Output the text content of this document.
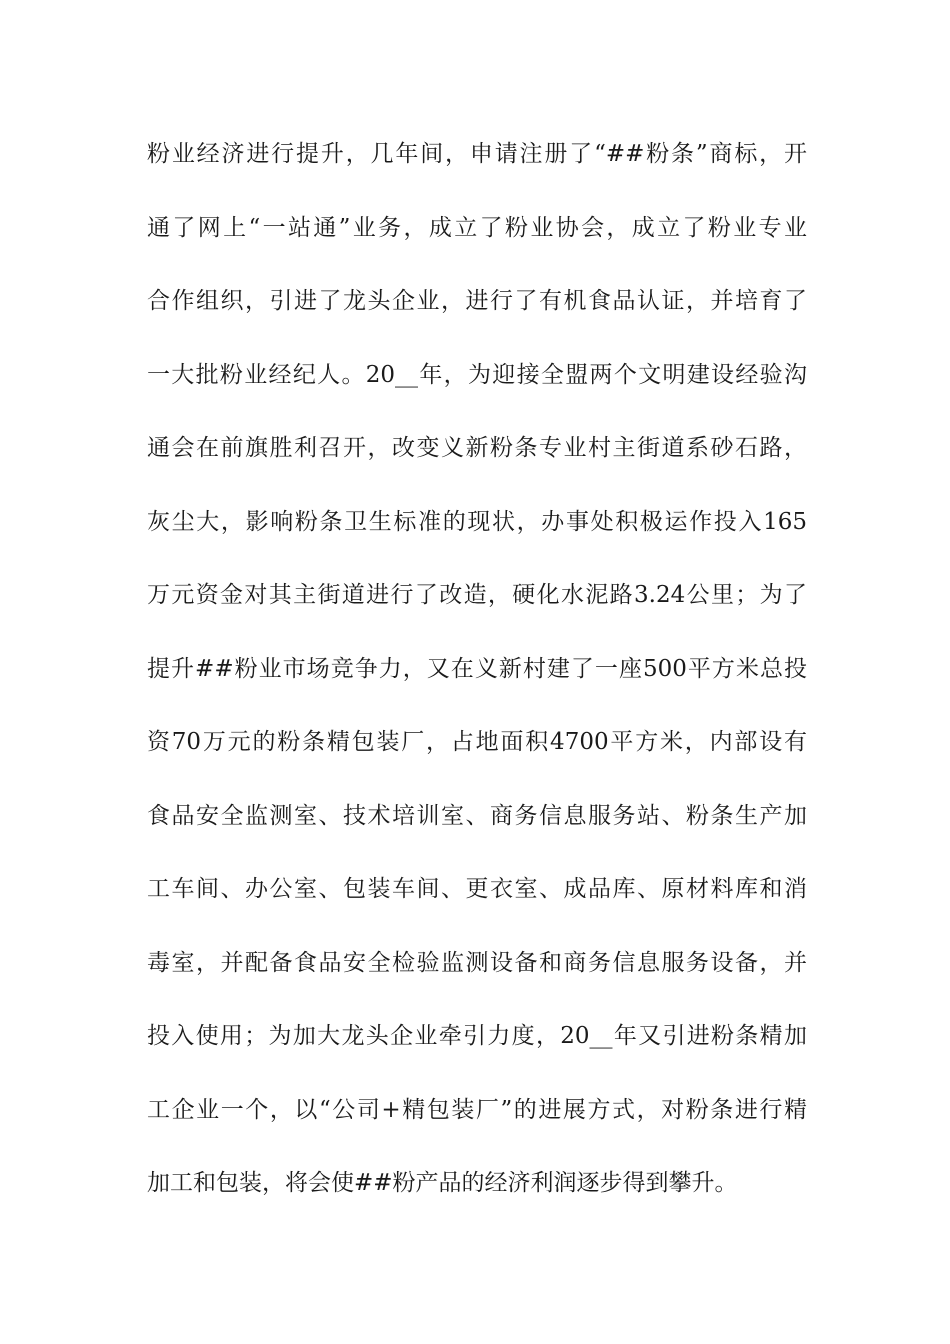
粉业经济进行提升，几年间，申请注册了“##粉条”商标，开
通了网上“一站通”业务，成立了粉业协会，成立了粉业专业
合作组织，引进了龙头企业，进行了有机食品认证，并培育了
一大批粉业经纪人。20__年，为迎接全盟两个文明建设经验沟
通会在前旗胜利召开，改变义新粉条专业村主街道系砂石路，
灰尘大，影响粉条卫生标准的现状，办事处积极运作投入165
万元资金对其主街道进行了改造，硬化水泥路3.24公里；为了
提升##粉业市场竞争力，又在义新村建了一座500平方米总投
资70万元的粉条精包装厂，占地面积4700平方米，内部设有
食品安全监测室、技术培训室、商务信息服务站、粉条生产加
工车间、办公室、包装车间、更衣室、成品库、原材料库和消
毒室，并配备食品安全检验监测设备和商务信息服务设备，并
投入使用；为加大龙头企业牵引力度，20__年又引进粉条精加
工企业一个，以“公司+精包装厂”的进展方式，对粉条进行精
加工和包装，将会使##粉产品的经济利润逐步得到攀升。
